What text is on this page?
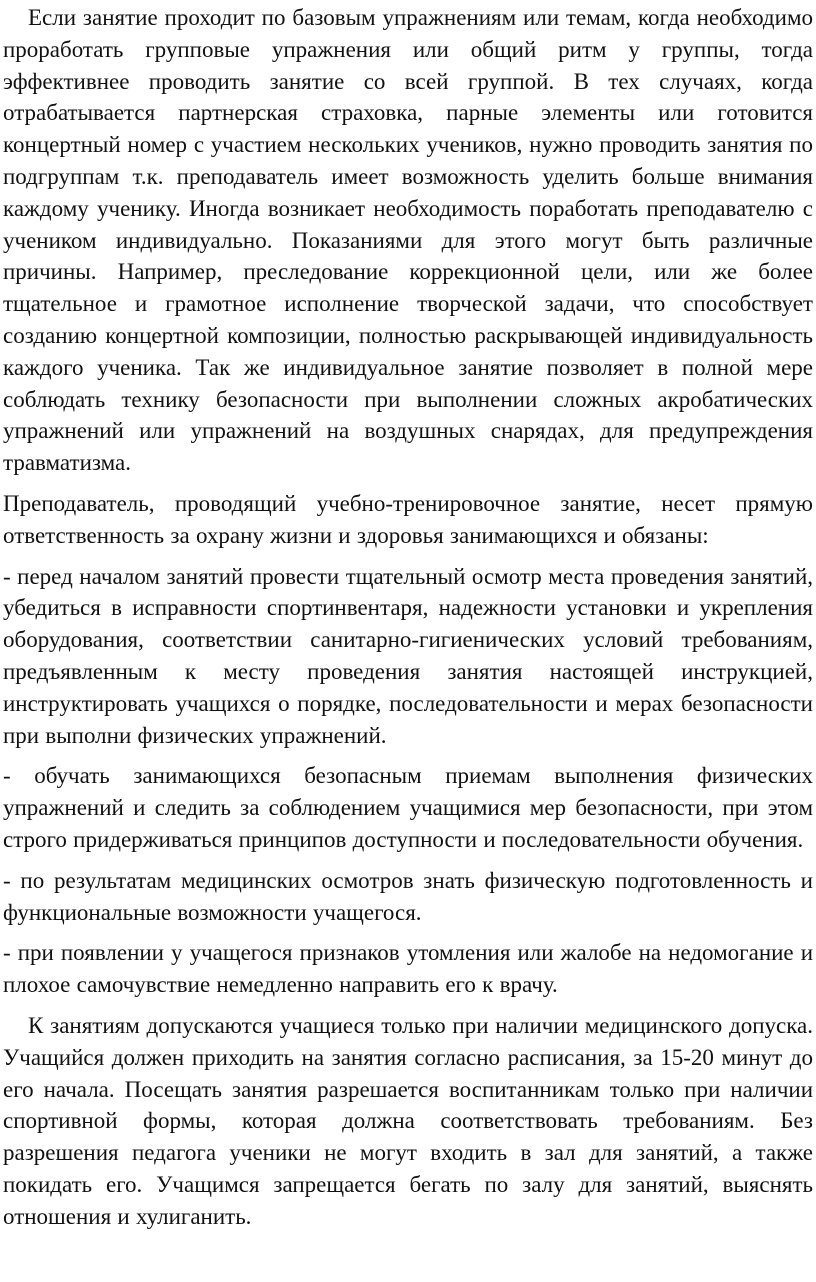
Если занятие проходит по базовым упражнениям или темам, когда необходимо проработать групповые упражнения или общий ритм у группы, тогда эффективнее проводить занятие со всей группой. В тех случаях, когда отрабатывается партнерская страховка, парные элементы или готовится концертный номер с участием нескольких учеников, нужно проводить занятия по подгруппам т.к. преподаватель имеет возможность уделить больше внимания каждому ученику. Иногда возникает необходимость поработать преподавателю с учеником индивидуально. Показаниями для этого могут быть различные причины. Например, преследование коррекционной цели, или же более тщательное и грамотное исполнение творческой задачи, что способствует созданию концертной композиции, полностью раскрывающей индивидуальность каждого ученика. Так же индивидуальное занятие позволяет в полной мере соблюдать технику безопасности при выполнении сложных акробатических упражнений или упражнений на воздушных снарядах, для предупреждения травматизма.

Преподаватель, проводящий учебно-тренировочное занятие, несет прямую ответственность за охрану жизни и здоровья занимающихся и обязаны:

- перед началом занятий провести тщательный осмотр места проведения занятий, убедиться в исправности спортинвентаря, надежности установки и укрепления оборудования, соответствии санитарно-гигиенических условий требованиям, предъявленным к месту проведения занятия настоящей инструкцией, инструктировать учащихся о порядке, последовательности и мерах безопасности при выполни физических упражнений.

- обучать занимающихся безопасным приемам выполнения физических упражнений и следить за соблюдением учащимися мер безопасности, при этом строго придерживаться принципов доступности и последовательности обучения.

- по результатам медицинских осмотров знать физическую подготовленность и функциональные возможности учащегося.

- при появлении у учащегося признаков утомления или жалобе на недомогание и плохое самочувствие немедленно направить его к врачу.

К занятиям допускаются учащиеся только при наличии медицинского допуска. Учащийся должен приходить на занятия согласно расписания, за 15-20 минут до его начала. Посещать занятия разрешается воспитанникам только при наличии спортивной формы, которая должна соответствовать требованиям. Без разрешения педагога ученики не могут входить в зал для занятий, а также покидать его. Учащимся запрещается бегать по залу для занятий, выяснять отношения и хулиганить.
